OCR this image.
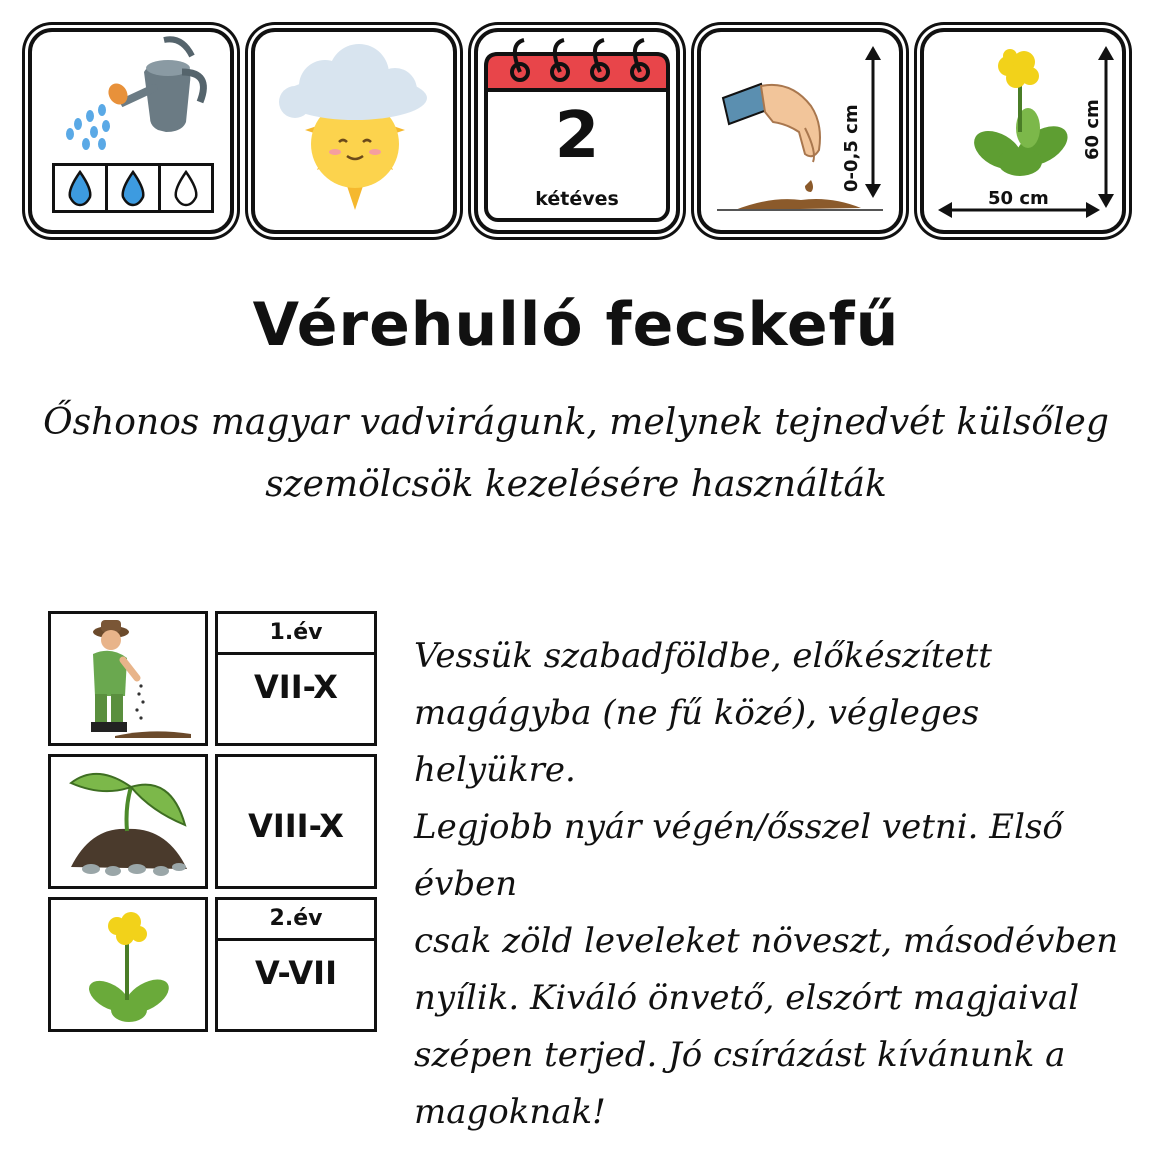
2
kétéves
0-0,5 cm	60 cm
50 cm
Vérehulló fecskefű
Őshonos magyar vadvirágunk, melynek tejnedvét külsőleg
szemölcsök kezelésére használták
1.év
VII-X
VIII-X
2.év
V-VII
Vessük szabadföldbe, előkészített
magágyba (ne fű közé), végleges helyükre.
Legjobb nyár végén/ősszel vetni. Első évben
csak zöld leveleket növeszt, másodévben
nyílik. Kiváló önvető, elszórt magjaival
szépen terjed. Jó csírázást kívánunk a
magoknak!
